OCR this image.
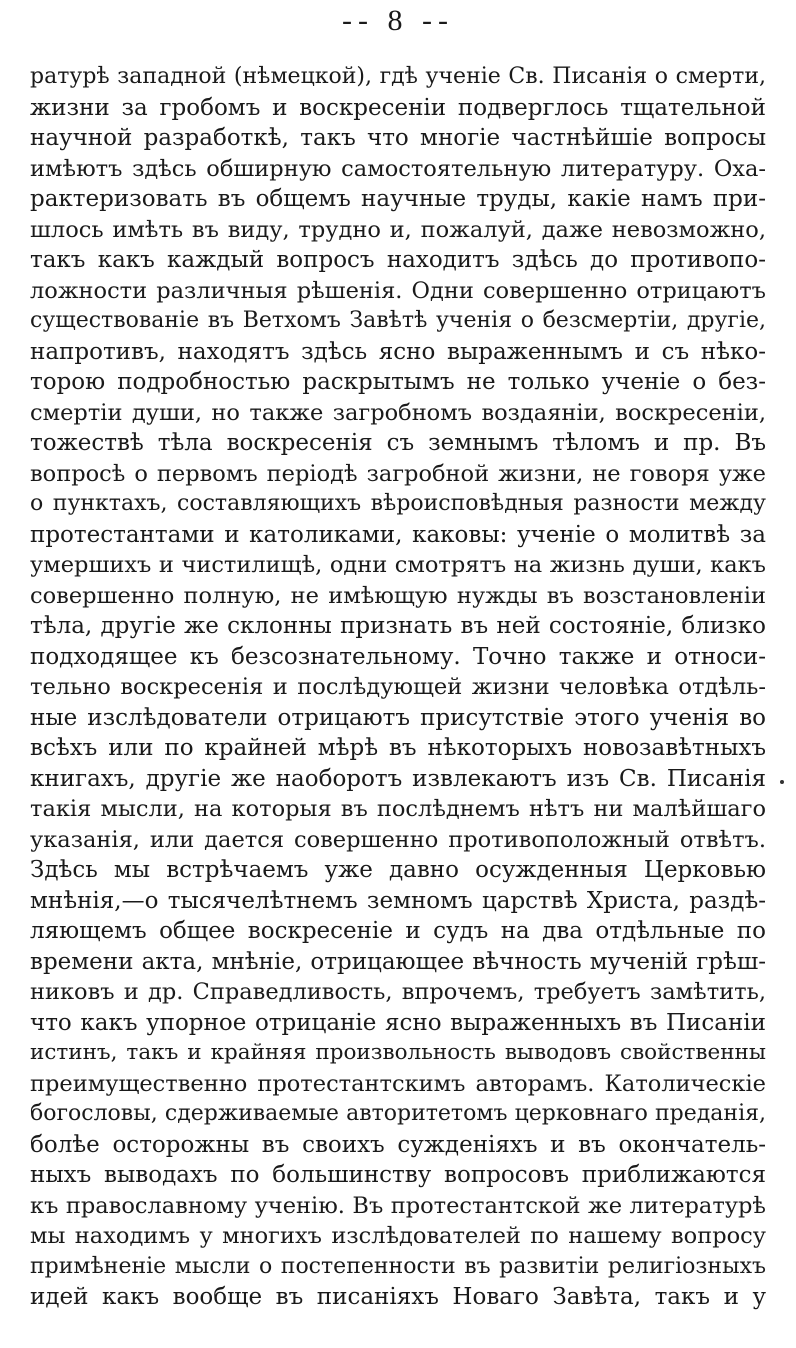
-- 8 --
ратурѣ западной (нѣмецкой), гдѣ ученіе Св. Писанія о смерти,
жизни за гробомъ и воскресеніи подверглось тщательной
научной разработкѣ, такъ что многіе частнѣйшіе вопросы
имѣютъ здѣсь обширную самостоятельную литературу. Оха-
рактеризовать въ общемъ научные труды, какіе намъ при-
шлось имѣть въ виду, трудно и, пожалуй, даже невозможно,
такъ какъ каждый вопросъ находитъ здѣсь до противопо-
ложности различныя рѣшенія. Одни совершенно отрицаютъ
существованіе въ Ветхомъ Завѣтѣ ученія о безсмертіи, другіе,
напротивъ, находятъ здѣсь ясно выраженнымъ и съ нѣко-
торою подробностью раскрытымъ не только ученіе о без-
смертіи души, но также загробномъ воздаяніи, воскресеніи,
тожествѣ тѣла воскресенія съ земнымъ тѣломъ и пр. Въ
вопросѣ о первомъ періодѣ загробной жизни, не говоря уже
о пунктахъ, составляющихъ вѣроисповѣдныя разности между
протестантами и католиками, каковы: ученіе о молитвѣ за
умершихъ и чистилищѣ, одни смотрятъ на жизнь души, какъ
совершенно полную, не имѣющую нужды въ возстановленіи
тѣла, другіе же склонны признать въ ней состояніе, близко
подходящее къ безсознательному. Точно также и относи-
тельно воскресенія и послѣдующей жизни человѣка отдѣль-
ные изслѣдователи отрицаютъ присутствіе этого ученія во
всѣхъ или по крайней мѣрѣ въ нѣкоторыхъ новозавѣтныхъ
книгахъ, другіе же наоборотъ извлекаютъ изъ Св. Писанія
такія мысли, на которыя въ послѣднемъ нѣтъ ни малѣйшаго
указанія, или дается совершенно противоположный отвѣтъ.
Здѣсь мы встрѣчаемъ уже давно осужденныя Церковью
мнѣнія,—о тысячелѣтнемъ земномъ царствѣ Христа, раздѣ-
ляющемъ общее воскресеніе и судъ на два отдѣльные по
времени акта, мнѣніе, отрицающее вѣчность мученій грѣш-
никовъ и др. Справедливость, впрочемъ, требуетъ замѣтить,
что какъ упорное отрицаніе ясно выраженныхъ въ Писаніи
истинъ, такъ и крайняя произвольность выводовъ свойственны
преимущественно протестантскимъ авторамъ. Католическіе
богословы, сдерживаемые авторитетомъ церковнаго преданія,
болѣе осторожны въ своихъ сужденіяхъ и въ окончатель-
ныхъ выводахъ по большинству вопросовъ приближаются
къ православному ученію. Въ протестантской же литературѣ
мы находимъ у многихъ изслѣдователей по нашему вопросу
примѣненіе мысли о постепенности въ развитіи религіозныхъ
идей какъ вообще въ писаніяхъ Новаго Завѣта, такъ и у
